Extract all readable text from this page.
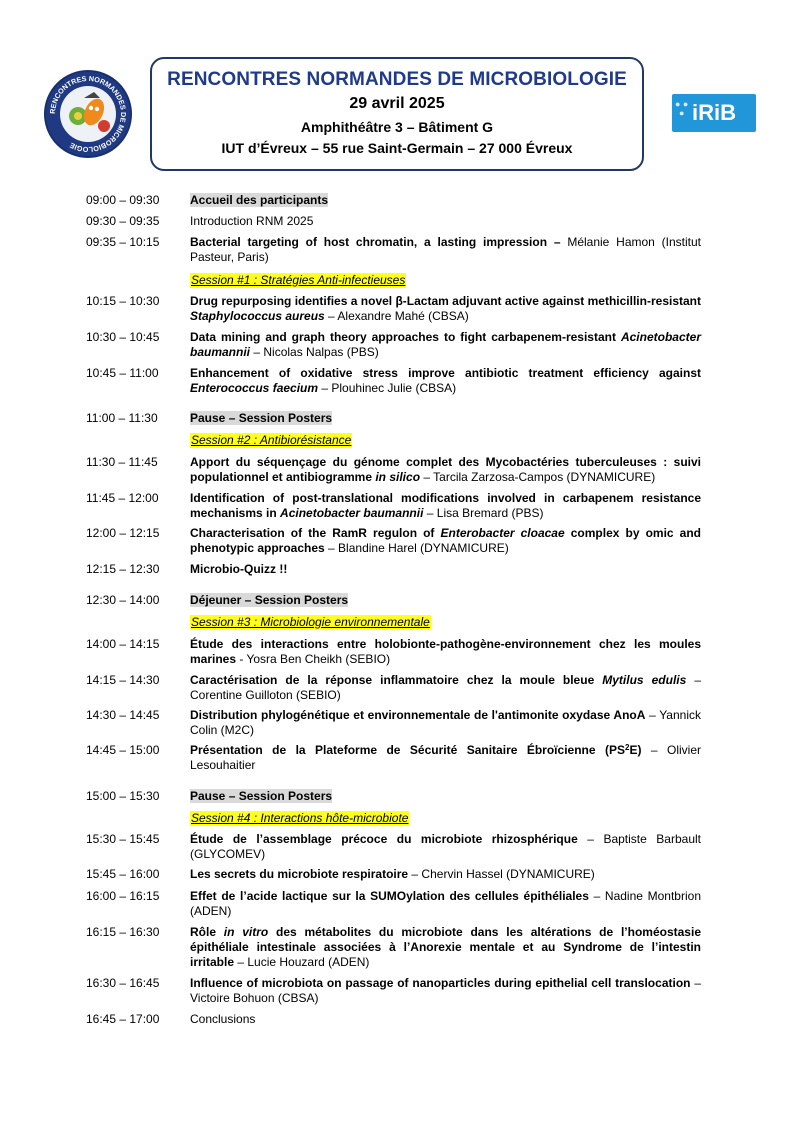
RENCONTRES NORMANDES DE MICROBIOLOGIE
RENCONTRES NORMANDES DE MICROBIOLOGIE
29 avril 2025
Amphithéâtre 3 – Bâtiment G
IUT d’Évreux – 55 rue Saint-Germain – 27 000 Évreux
● ●
● iRiB
09:00 – 09:30	Accueil des participants
09:30 – 09:35	Introduction RNM 2025
09:35 – 10:15	Bacterial targeting of host chromatin, a lasting impression – Mélanie Hamon (Institut Pasteur, Paris)
Session #1 : Stratégies Anti-infectieuses
10:15 – 10:30	Drug repurposing identifies a novel β-Lactam adjuvant active against methicillin-resistant Staphylococcus aureus – Alexandre Mahé (CBSA)
10:30 – 10:45	Data mining and graph theory approaches to fight carbapenem-resistant Acinetobacter baumannii – Nicolas Nalpas (PBS)
10:45 – 11:00	Enhancement of oxidative stress improve antibiotic treatment efficiency against Enterococcus faecium – Plouhinec Julie (CBSA)
11:00 – 11:30	Pause – Session Posters
Session #2 : Antibiorésistance
11:30 – 11:45	Apport du séquençage du génome complet des Mycobactéries tuberculeuses : suivi populationnel et antibiogramme in silico – Tarcila Zarzosa-Campos (DYNAMICURE)
11:45 – 12:00	Identification of post-translational modifications involved in carbapenem resistance mechanisms in Acinetobacter baumannii – Lisa Bremard (PBS)
12:00 – 12:15	Characterisation of the RamR regulon of Enterobacter cloacae complex by omic and phenotypic approaches – Blandine Harel (DYNAMICURE)
12:15 – 12:30	Microbio-Quizz !!
12:30 – 14:00	Déjeuner – Session Posters
Session #3 : Microbiologie environnementale
14:00 – 14:15	Étude des interactions entre holobionte-pathogène-environnement chez les moules marines - Yosra Ben Cheikh (SEBIO)
14:15 – 14:30	Caractérisation de la réponse inflammatoire chez la moule bleue Mytilus edulis – Corentine Guilloton (SEBIO)
14:30 – 14:45	Distribution phylogénétique et environnementale de l'antimonite oxydase AnoA – Yannick Colin (M2C)
14:45 – 15:00	Présentation de la Plateforme de Sécurité Sanitaire Ébroïcienne $(PS^2E)$ – Olivier Lesouhaitier
15:00 – 15:30	Pause – Session Posters
Session #4 : Interactions hôte-microbiote
15:30 – 15:45	Étude de l’assemblage précoce du microbiote rhizosphérique – Baptiste Barbault (GLYCOMEV)
15:45 – 16:00	Les secrets du microbiote respiratoire – Chervin Hassel (DYNAMICURE)
16:00 – 16:15	Effet de l’acide lactique sur la SUMOylation des cellules épithéliales – Nadine Montbrion (ADEN)
16:15 – 16:30	Rôle in vitro des métabolites du microbiote dans les altérations de l’homéostasie épithéliale intestinale associées à l’Anorexie mentale et au Syndrome de l’intestin irritable – Lucie Houzard (ADEN)
16:30 – 16:45	Influence of microbiota on passage of nanoparticles during epithelial cell translocation – Victoire Bohuon (CBSA)
16:45 – 17:00	Conclusions
